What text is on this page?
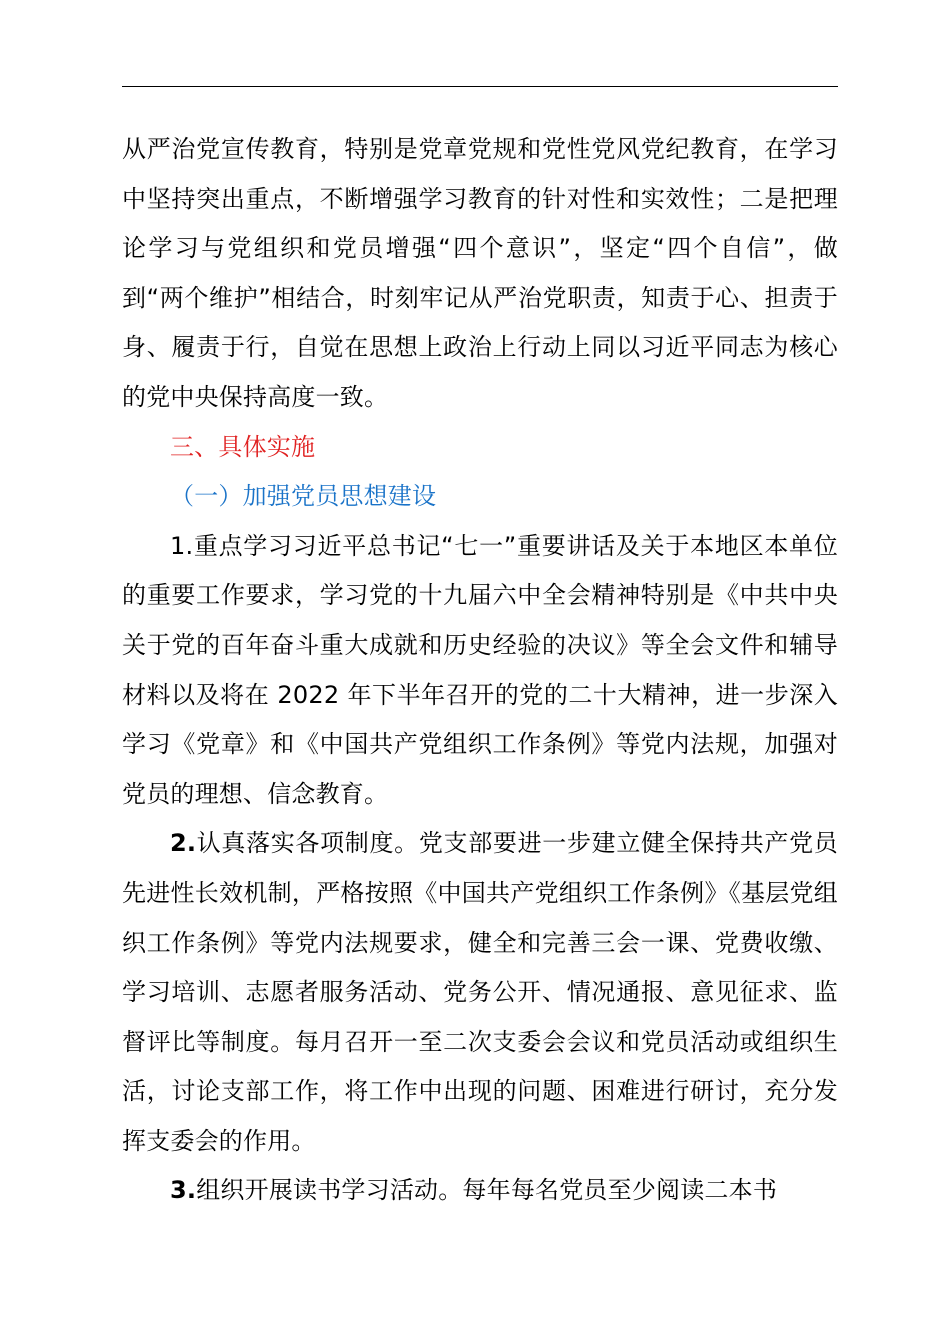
从严治党宣传教育，特别是党章党规和党性党风党纪教育，在学习中坚持突出重点，不断增强学习教育的针对性和实效性；二是把理论学习与党组织和党员增强“四个意识”，坚定“四个自信”，做到“两个维护”相结合，时刻牢记从严治党职责，知责于心、担责于身、履责于行，自觉在思想上政治上行动上同以习近平同志为核心的党中央保持高度一致。

三、具体实施

（一）加强党员思想建设

1.重点学习习近平总书记“七一”重要讲话及关于本地区本单位的重要工作要求，学习党的十九届六中全会精神特别是《中共中央关于党的百年奋斗重大成就和历史经验的决议》等全会文件和辅导材料以及将在 2022 年下半年召开的党的二十大精神，进一步深入学习《党章》和《中国共产党组织工作条例》等党内法规，加强对党员的理想、信念教育。

2.认真落实各项制度。党支部要进一步建立健全保持共产党员先进性长效机制，严格按照《中国共产党组织工作条例》《基层党组织工作条例》等党内法规要求，健全和完善三会一课、党费收缴、学习培训、志愿者服务活动、党务公开、情况通报、意见征求、监督评比等制度。每月召开一至二次支委会会议和党员活动或组织生活，讨论支部工作，将工作中出现的问题、困难进行研讨，充分发挥支委会的作用。

3.组织开展读书学习活动。每年每名党员至少阅读二本书
